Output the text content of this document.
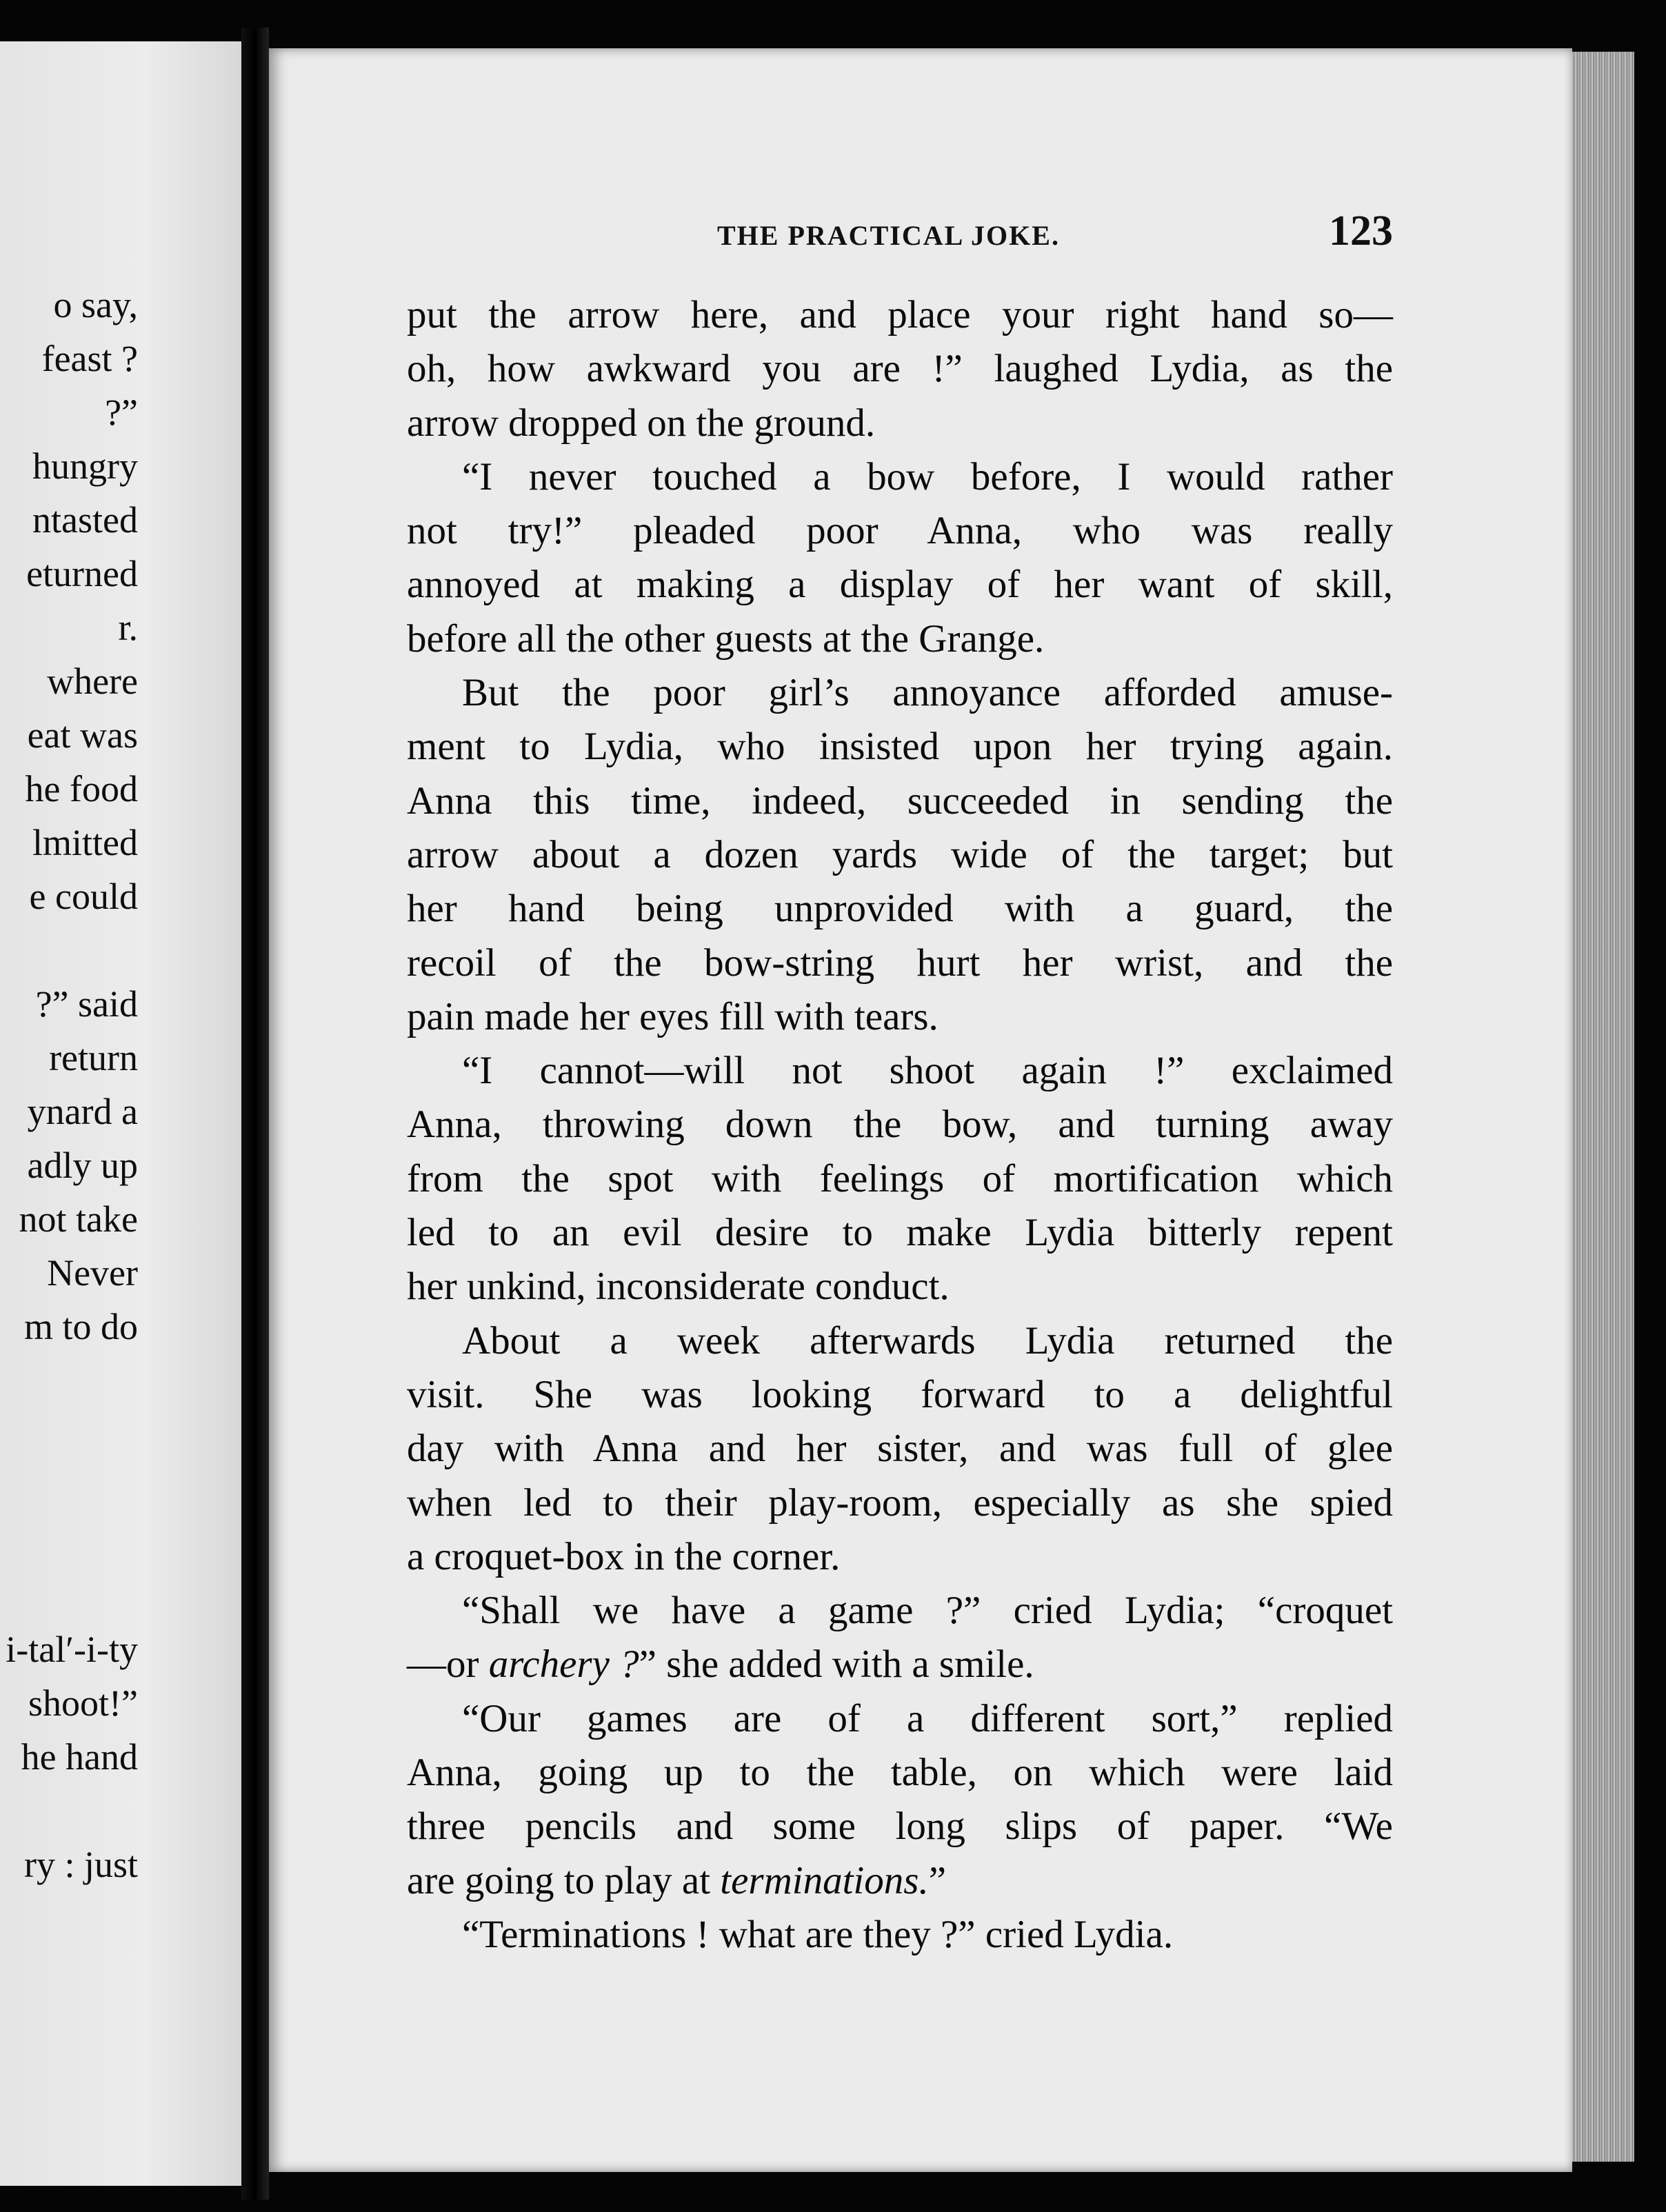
o say,
feast ?
?”
hungry
ntasted
eturned
r.
where
eat was
he food
lmitted
e could
?” said
return
ynard a
adly up
not take
Never
m to do
i-tal′-i-ty
shoot!”
he hand
ry : just
THE PRACTICAL JOKE.	123
put the arrow here, and place your right hand so—
oh, how awkward you are !” laughed Lydia, as the
arrow dropped on the ground.
“I never touched a bow before, I would rather
not try!” pleaded poor Anna, who was really
annoyed at making a display of her want of skill,
before all the other guests at the Grange.
But the poor girl’s annoyance afforded amuse-
ment to Lydia, who insisted upon her trying again.
Anna this time, indeed, succeeded in sending the
arrow about a dozen yards wide of the target; but
her hand being unprovided with a guard, the
recoil of the bow-string hurt her wrist, and the
pain made her eyes fill with tears.
“I cannot—will not shoot again !” exclaimed
Anna, throwing down the bow, and turning away
from the spot with feelings of mortification which
led to an evil desire to make Lydia bitterly repent
her unkind, inconsiderate conduct.
About a week afterwards Lydia returned the
visit. She was looking forward to a delightful
day with Anna and her sister, and was full of glee
when led to their play-room, especially as she spied
a croquet-box in the corner.
“Shall we have a game ?” cried Lydia; “croquet
—or archery ?” she added with a smile.
“Our games are of a different sort,” replied
Anna, going up to the table, on which were laid
three pencils and some long slips of paper. “We
are going to play at terminations.”
“Terminations ! what are they ?” cried Lydia.
